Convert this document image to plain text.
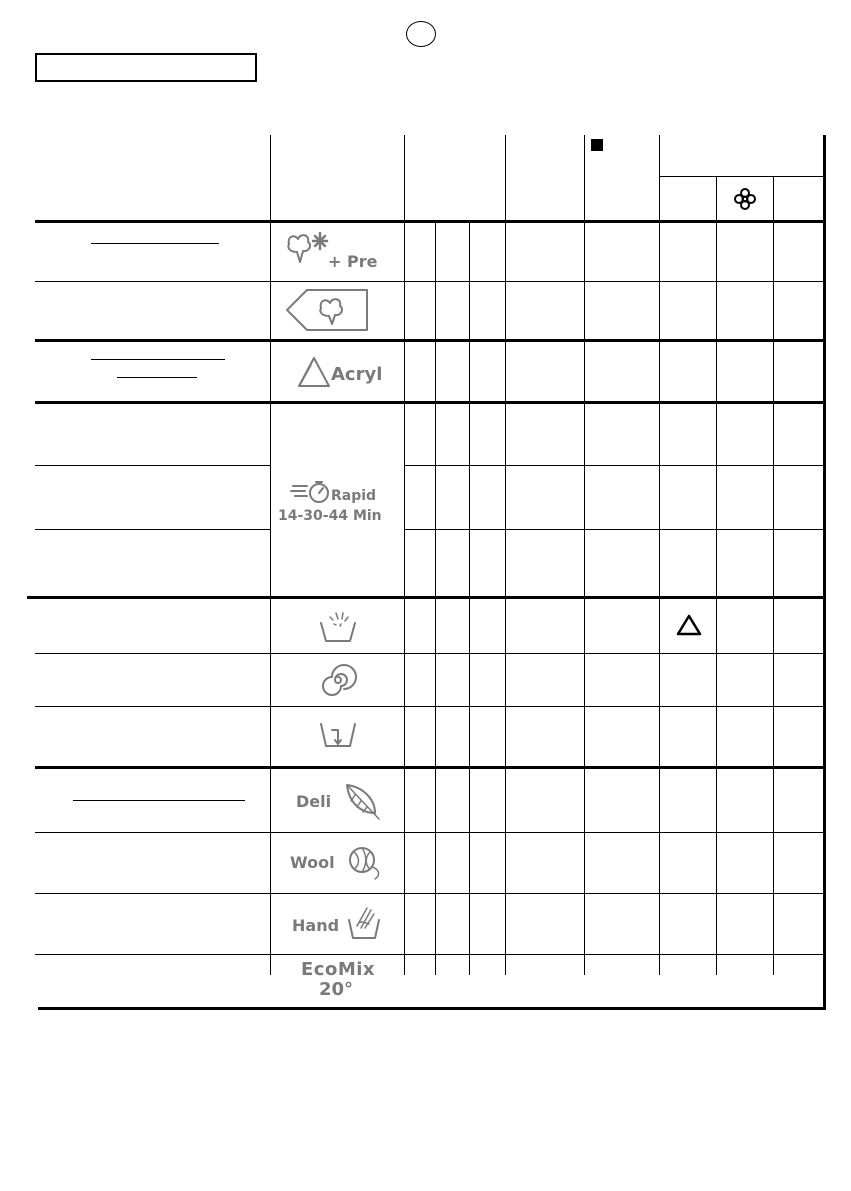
+ Pre
Acryl
Rapid
14-30-44 Min
Deli
Wool
Hand
EcoMix
20°
